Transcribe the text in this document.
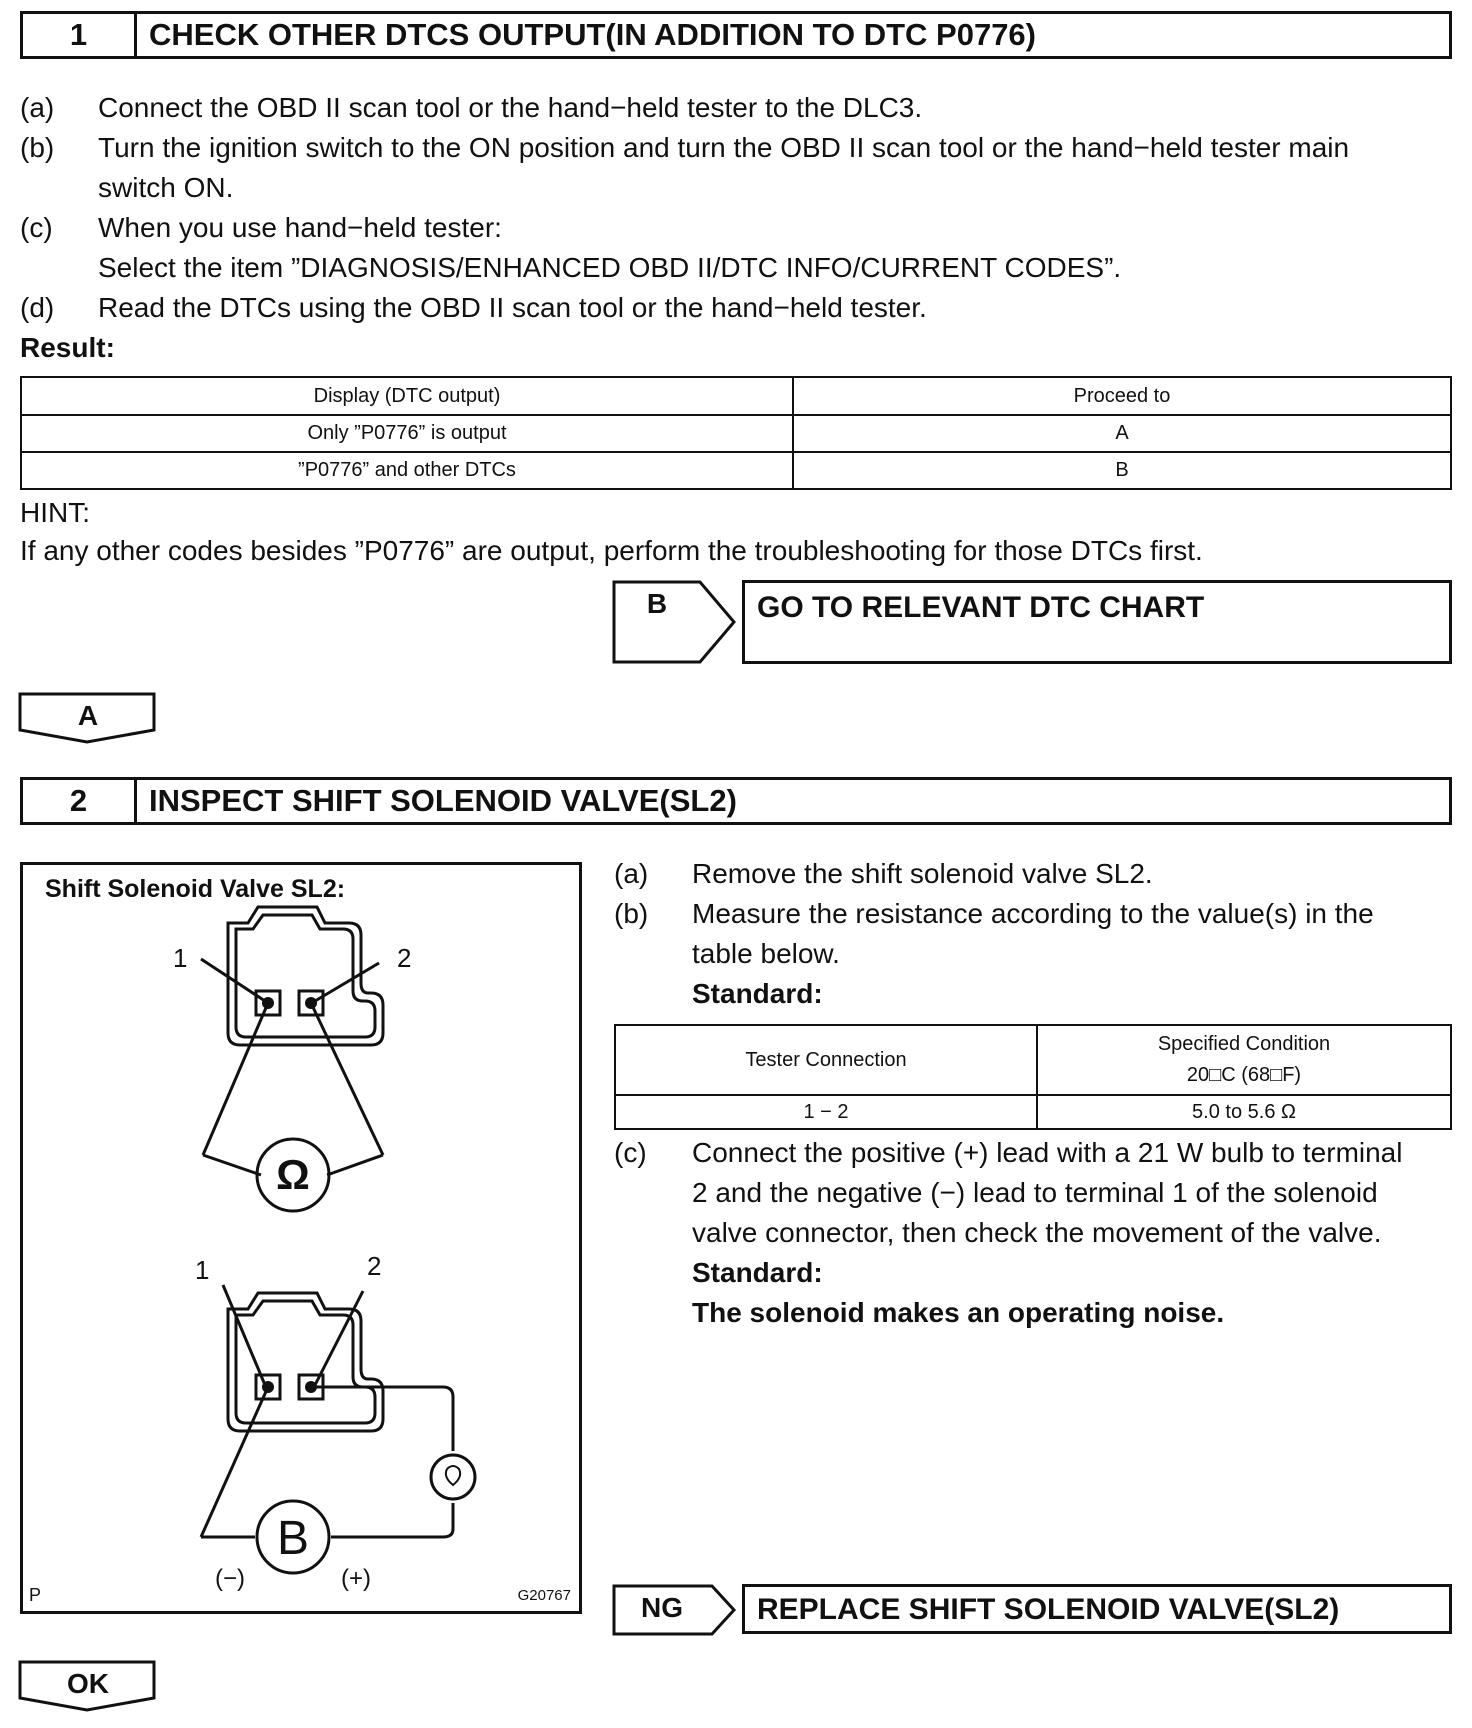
1	CHECK OTHER DTCS OUTPUT(IN ADDITION TO DTC P0776)
(a) Connect the OBD II scan tool or the hand−held tester to the DLC3.
(b) Turn the ignition switch to the ON position and turn the OBD II scan tool or the hand−held tester main
switch ON.
(c) When you use hand−held tester:
Select the item ”DIAGNOSIS/ENHANCED OBD II/DTC INFO/CURRENT CODES”.
(d) Read the DTCs using the OBD II scan tool or the hand−held tester.
Result:
Display (DTC output)	Proceed to
Only ”P0776” is output	A
”P0776” and other DTCs	B
HINT:
If any other codes besides ”P0776” are output, perform the troubleshooting for those DTCs first.
B	GO TO RELEVANT DTC CHART
A
2	INSPECT SHIFT SOLENOID VALVE(SL2)
Shift Solenoid Valve SL2:
1	2
Ω
1	2
B
(−)	(+)
P	G20767
(a) Remove the shift solenoid valve SL2.
(b) Measure the resistance according to the value(s) in the
table below.
Standard:
Tester Connection	Specified Condition
20□C (68□F)

1 − 2	5.0 to 5.6 Ω
(c) Connect the positive (+) lead with a 21 W bulb to terminal
2 and the negative (−) lead to terminal 1 of the solenoid
valve connector, then check the movement of the valve.
Standard:
The solenoid makes an operating noise.
NG	REPLACE SHIFT SOLENOID VALVE(SL2)
OK
